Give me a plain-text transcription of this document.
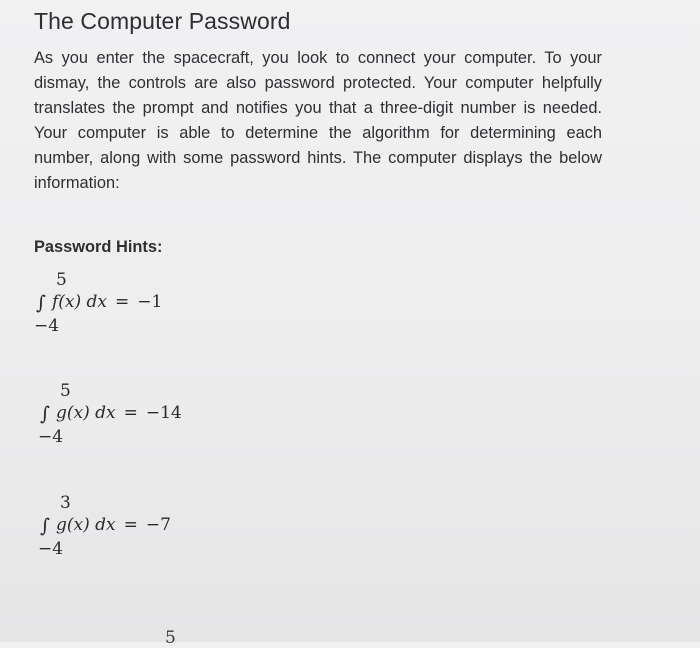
The Computer Password

As you enter the spacecraft, you look to connect your computer. To your dismay, the controls are also password protected. Your computer helpfully translates the prompt and notifies you that a three-digit number is needed. Your computer is able to determine the algorithm for determining each number, along with some password hints. The computer displays the below information:

Password Hints:
5
∫ f(x) dx = −1
−4
5
∫ g(x) dx = −14
−4
3
∫ g(x) dx = −7
−4
5
